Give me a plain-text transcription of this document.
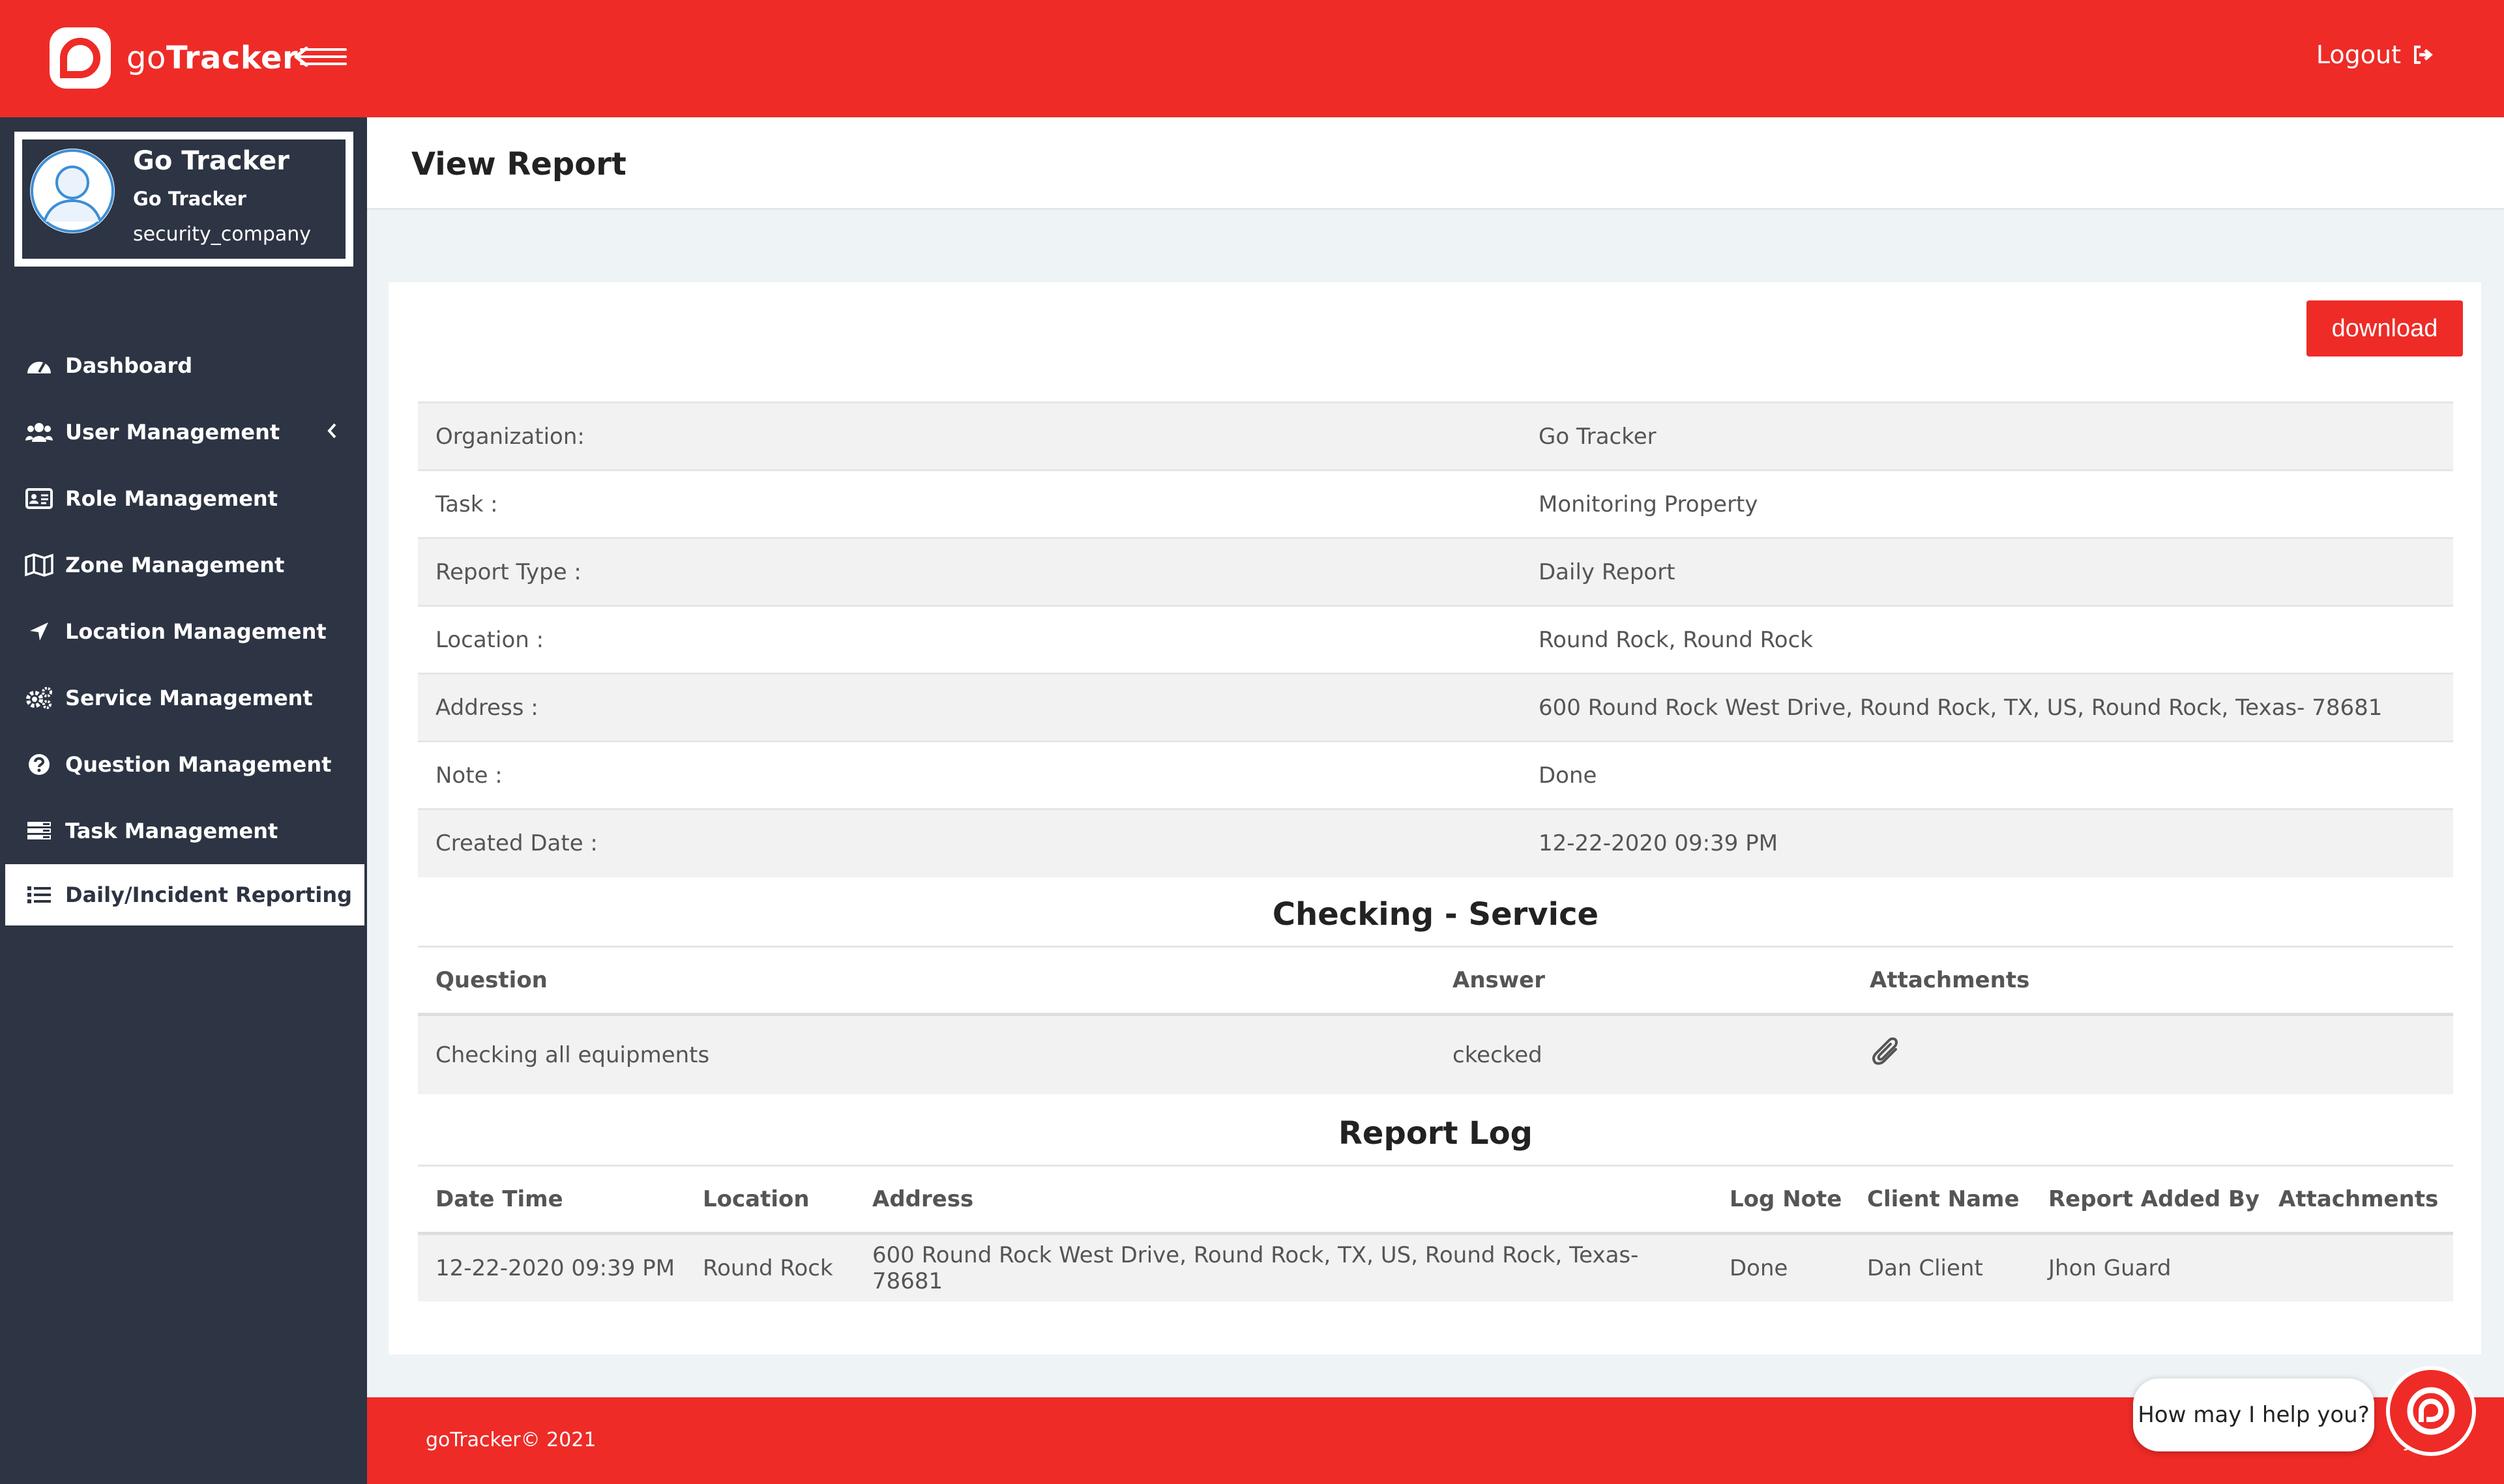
goTracker	Logout
Go Tracker
Go Tracker
security_company
Dashboard
User Management
Role Management
Zone Management
Location Management
Service Management
Question Management
Task Management
Daily/Incident Reporting
View Report
download
Organization:	Go Tracker
Task :	Monitoring Property
Report Type :	Daily Report
Location :	Round Rock, Round Rock
Address :	600 Round Rock West Drive, Round Rock, TX, US, Round Rock, Texas- 78681
Note :	Done
Created Date :	12-22-2020 09:39 PM
Checking - Service
Question	Answer	Attachments
Checking all equipments	ckecked	
Report Log
Date Time	Location	Address	Log Note	Client Name	Report Added By	Attachments
12-22-2020 09:39 PM	Round Rock	600 Round Rock West Drive, Round Rock, TX, US, Round Rock, Texas- 78681	Done	Dan Client	Jhon Guard	
goTracker© 2021
How may I help you?
